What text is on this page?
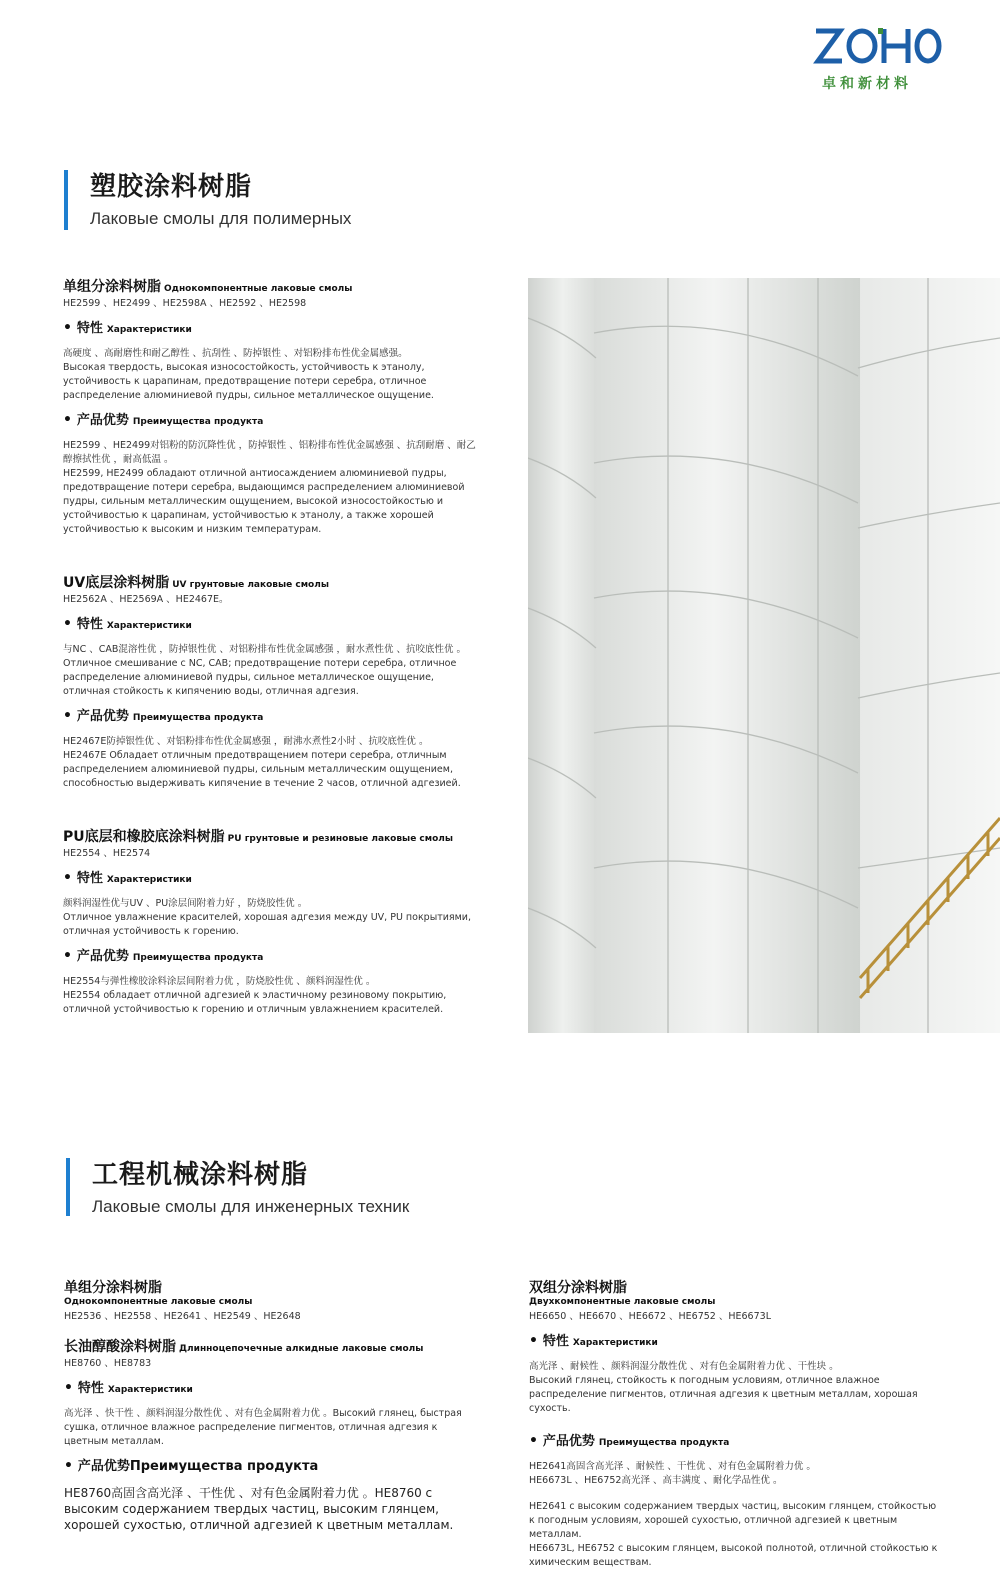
卓和新材料
塑胶涂料树脂
Лаковые смолы для полимерных
单组分涂料树脂 Однокомпонентные лаковые смолы
HE2599 、HE2499 、HE2598A 、HE2592 、HE2598
• 特性 Характеристики
高硬度 、高耐磨性和耐乙醇性 、抗刮性 、防掉银性 、对铝粉排布性优金属感强。
Высокая твердость, высокая износостойкость, устойчивость к этанолу, устойчивость к царапинам, предотвращение потери серебра, отличное распределение алюминиевой пудры, сильное металлическое ощущение.
• 产品优势 Преимущества продукта
HE2599 、HE2499对铝粉的防沉降性优 ，防掉银性 、铝粉排布性优金属感强 、抗刮耐磨 、耐乙醇擦拭性优 ，耐高低温 。
HE2599, HE2499 обладают отличной антиосаждением алюминиевой пудры, предотвращение потери серебра, выдающимся распределением алюминиевой пудры, сильным металлическим ощущением, высокой износостойкостью и устойчивостью к царапинам, устойчивостью к этанолу, а также хорошей устойчивостью к высоким и низким температурам.
UV底层涂料树脂 UV грунтовые лаковые смолы
HE2562A 、HE2569A 、HE2467E。
• 特性 Характеристики
与NC 、CAB混溶性优 ，防掉银性优 、对铝粉排布性优金属感强 ，耐水煮性优 、抗咬底性优 。
Отличное смешивание с NC, CAB; предотвращение потери серебра, отличное распределение алюминиевой пудры, сильное металлическое ощущение, отличная стойкость к кипячению воды, отличная адгезия.
• 产品优势 Преимущества продукта
HE2467E防掉银性优 、对铝粉排布性优金属感强 ，耐沸水煮性2小时 、抗咬底性优 。
HE2467E Обладает отличным предотвращением потери серебра, отличным распределением алюминиевой пудры, сильным металлическим ощущением, способностью выдерживать кипячение в течение 2 часов, отличной адгезией.
PU底层和橡胶底涂料树脂 PU грунтовые и резиновые лаковые смолы
HE2554 、HE2574
• 特性 Характеристики
颜料润湿性优与UV 、PU涂层间附着力好 ，防烧胶性优 。
Отличное увлажнение красителей, хорошая адгезия между UV, PU покрытиями, отличная устойчивость к горению.
• 产品优势 Преимущества продукта
HE2554与弹性橡胶涂料涂层间附着力优 ，防烧胶性优 、颜料润湿性优 。
HE2554 обладает отличной адгезией к эластичному резиновому покрытию, отличной устойчивостью к горению и отличным увлажнением красителей.
工程机械涂料树脂
Лаковые смолы для инженерных техник
单组分涂料树脂
Однокомпонентные лаковые смолы
HE2536 、HE2558 、HE2641 、HE2549 、HE2648
长油醇酸涂料树脂 Длинноцепочечные алкидные лаковые смолы
HE8760 、HE8783
• 特性 Характеристики
高光泽 、快干性 、颜料润湿分散性优 、对有色金属附着力优 。Высокий глянец, быстрая сушка, отличное влажное распределение пигментов, отличная адгезия к цветным металлам.
• 产品优势Преимущества продукта
HE8760高固含高光泽 、干性优 、对有色金属附着力优 。HE8760 с высоким содержанием твердых частиц, высоким глянцем, хорошей сухостью, отличной адгезией к цветным металлам.
双组分涂料树脂
Двухкомпонентные лаковые смолы
HE6650 、HE6670 、HE6672 、HE6752 、HE6673L
• 特性 Характеристики
高光泽 、耐候性 、颜料润湿分散性优 、对有色金属附着力优 、干性块 。
Высокий глянец, стойкость к погодным условиям, отличное влажное распределение пигментов, отличная адгезия к цветным металлам, хорошая сухость.
• 产品优势 Преимущества продукта
HE2641高固含高光泽 、耐候性 、干性优 、对有色金属附着力优 。
HE6673L 、HE6752高光泽 、高丰满度 、耐化学品性优 。
HE2641 с высоким содержанием твердых частиц, высоким глянцем, стойкостью к погодным условиям, хорошей сухостью, отличной адгезией к цветным металлам.
HE6673L, HE6752 с высоким глянцем, высокой полнотой, отличной стойкостью к химическим веществам.
